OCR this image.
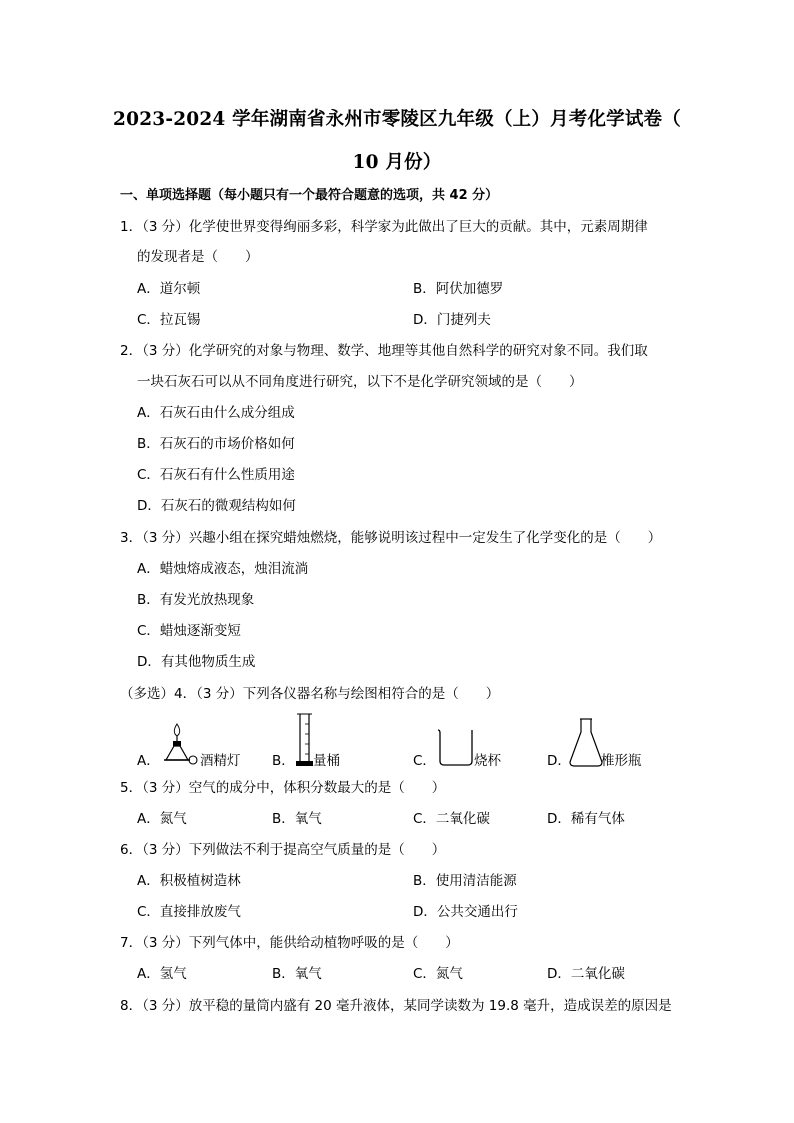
2023-2024 学年湖南省永州市零陵区九年级（上）月考化学试卷（
10 月份）
一、单项选择题（每小题只有一个最符合题意的选项，共 42 分）
1．（3 分）化学使世界变得绚丽多彩，科学家为此做出了巨大的贡献。其中，元素周期律
的发现者是（　　）
A．道尔顿	B．阿伏加德罗
C．拉瓦锡	D．门捷列夫
2．（3 分）化学研究的对象与物理、数学、地理等其他自然科学的研究对象不同。我们取
一块石灰石可以从不同角度进行研究，以下不是化学研究领域的是（　　）
A．石灰石由什么成分组成
B．石灰石的市场价格如何
C．石灰石有什么性质用途
D．石灰石的微观结构如何
3．（3 分）兴趣小组在探究蜡烛燃烧，能够说明该过程中一定发生了化学变化的是（　　）
A．蜡烛熔成液态，烛泪流淌
B．有发光放热现象
C．蜡烛逐渐变短
D．有其他物质生成
（多选）4．（3 分）下列各仪器名称与绘图相符合的是（　　）
A．	酒精灯 B． 量桶	C．	烧杯	D． 椎形瓶
5．（3 分）空气的成分中，体积分数最大的是（　　）
A．氮气	B．氧气	C．二氧化碳	D．稀有气体
6．（3 分）下列做法不利于提高空气质量的是（　　）
A．积极植树造林	B．使用清洁能源
C．直接排放废气	D．公共交通出行
7．（3 分）下列气体中，能供给动植物呼吸的是（　　）
A．氢气	B．氧气	C．氮气	D．二氧化碳
8．（3 分）放平稳的量筒内盛有 20 毫升液体，某同学读数为 19.8 毫升，造成误差的原因是
